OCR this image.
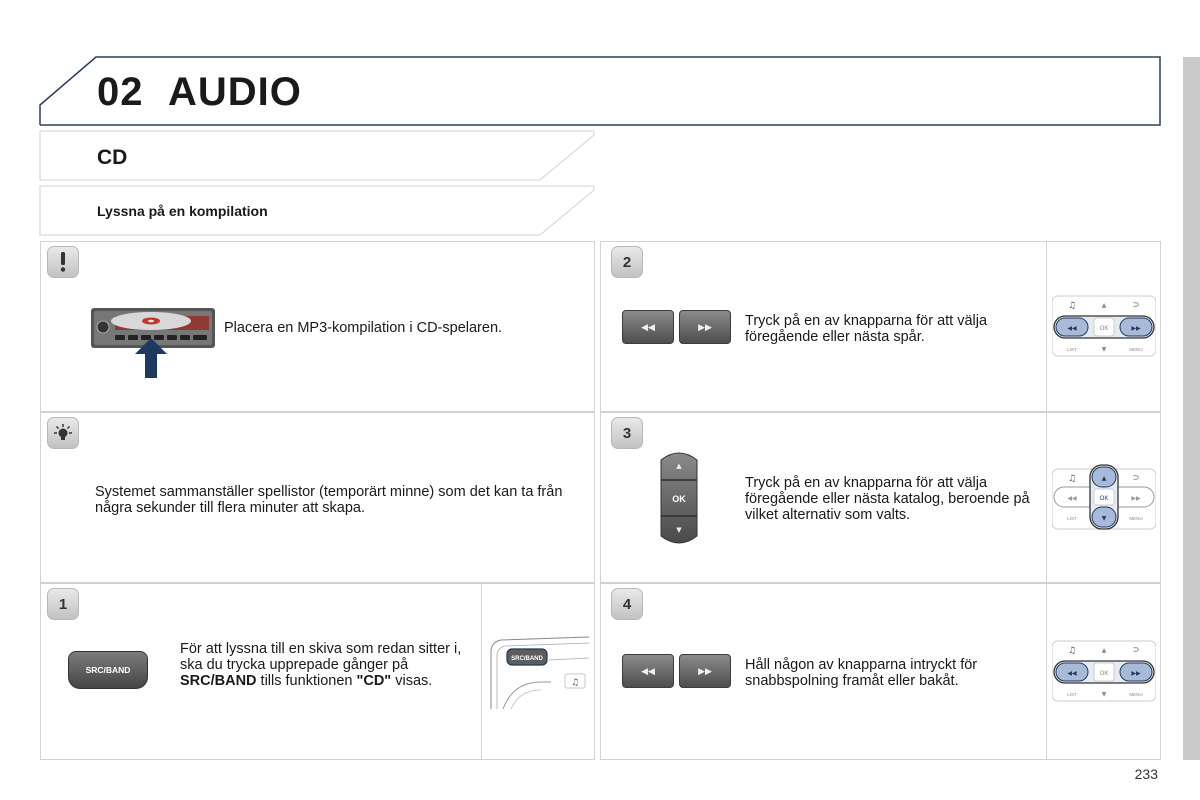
02 AUDIO
CD
Lyssna på en kompilation
Placera en MP3-kompilation i CD-spelaren.
Systemet sammanställer spellistor (temporärt minne) som det kan ta från några sekunder till flera minuter att skapa.
1
SRC/BAND
För att lyssna till en skiva som redan sitter i, ska du trycka upprepade gånger på SRC/BAND tills funktionen "CD" visas.
SRC/BAND
♫
2
◀◀	▶▶	Tryck på en av knapparna för att välja föregående eller nästa spår.
♫	▲	⊃
◀◀	▶▶
OK
LIST	▼	MENU
3
▲
OK
▼
Tryck på en av knapparna för att välja föregående eller nästa katalog, beroende på vilket alternativ som valts.
♫	⊃
◀◀	▶▶
▲
▼
OK
LIST	MENU
4
◀◀	▶▶	Håll någon av knapparna intryckt för snabbspolning framåt eller bakåt.
♫	▲	⊃
◀◀	▶▶
OK
LIST	▼	MENU
233
